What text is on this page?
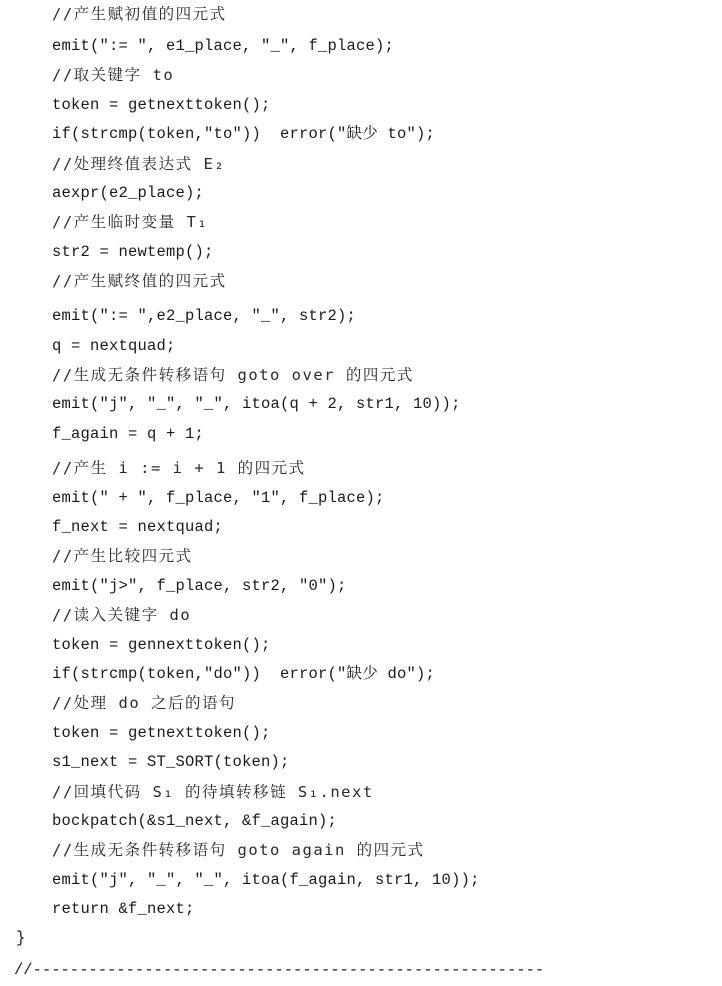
//产生赋初值的四元式
emit(":= ", e1_place, "_", f_place);
//取关键字 to
token = getnexttoken();
if(strcmp(token,"to"))  error("缺少 to");
//处理终值表达式 E₂
aexpr(e2_place);
//产生临时变量 T₁
str2 = newtemp();
//产生赋终值的四元式
emit(":= ",e2_place, "_", str2);
q = nextquad;
//生成无条件转移语句 goto over 的四元式
emit("j", "_", "_", itoa(q + 2, str1, 10));
f_again = q + 1;
//产生 i := i + 1 的四元式
emit(" + ", f_place, "1", f_place);
f_next = nextquad;
//产生比较四元式
emit("j>", f_place, str2, "0");
//读入关键字 do
token = gennexttoken();
if(strcmp(token,"do"))  error("缺少 do");
//处理 do 之后的语句
token = getnexttoken();
s1_next = ST_SORT(token);
//回填代码 S₁ 的待填转移链 S₁.next
bockpatch(&s1_next, &f_again);
//生成无条件转移语句 goto again 的四元式
emit("j", "_", "_", itoa(f_again, str1, 10));
return &f_next;
}
//-------------------------------------------------------
